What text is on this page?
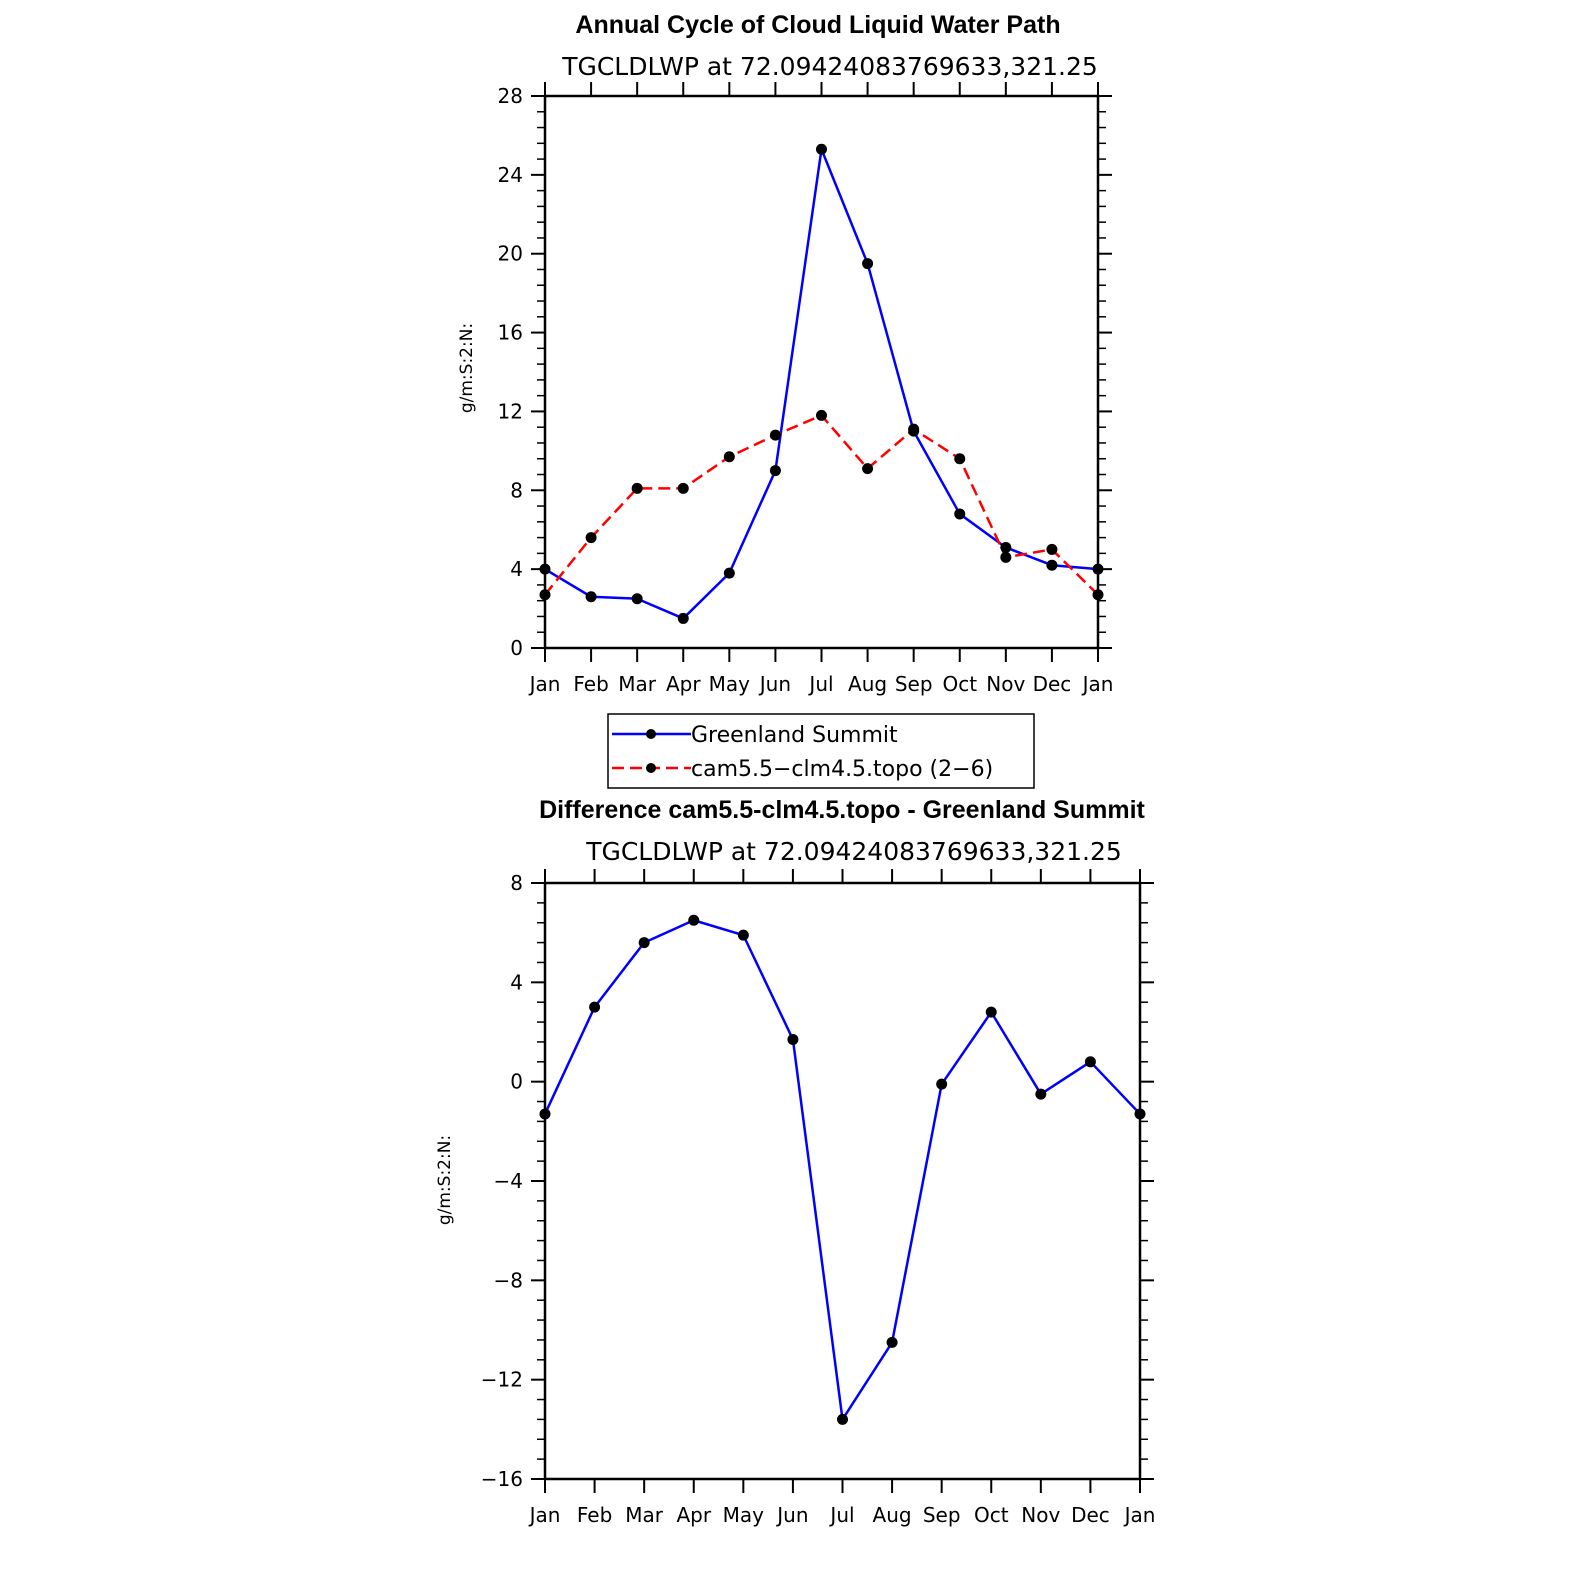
Annual Cycle of Cloud Liquid Water Path
TGCLDLWP at 72.09424083769633,321.25
g/m:S:2:N:
0
4
8
12
16
20
24
28
Jan Feb Mar Apr May Jun Jul Aug Sep Oct Nov Dec Jan
Greenland Summit
cam5.5−clm4.5.topo (2−6)
Difference cam5.5-clm4.5.topo - Greenland Summit
TGCLDLWP at 72.09424083769633,321.25
g/m:S:2:N:
−16
−12
−8
−4
0
4
8
Jan Feb Mar Apr May Jun Jul Aug Sep Oct Nov Dec Jan
